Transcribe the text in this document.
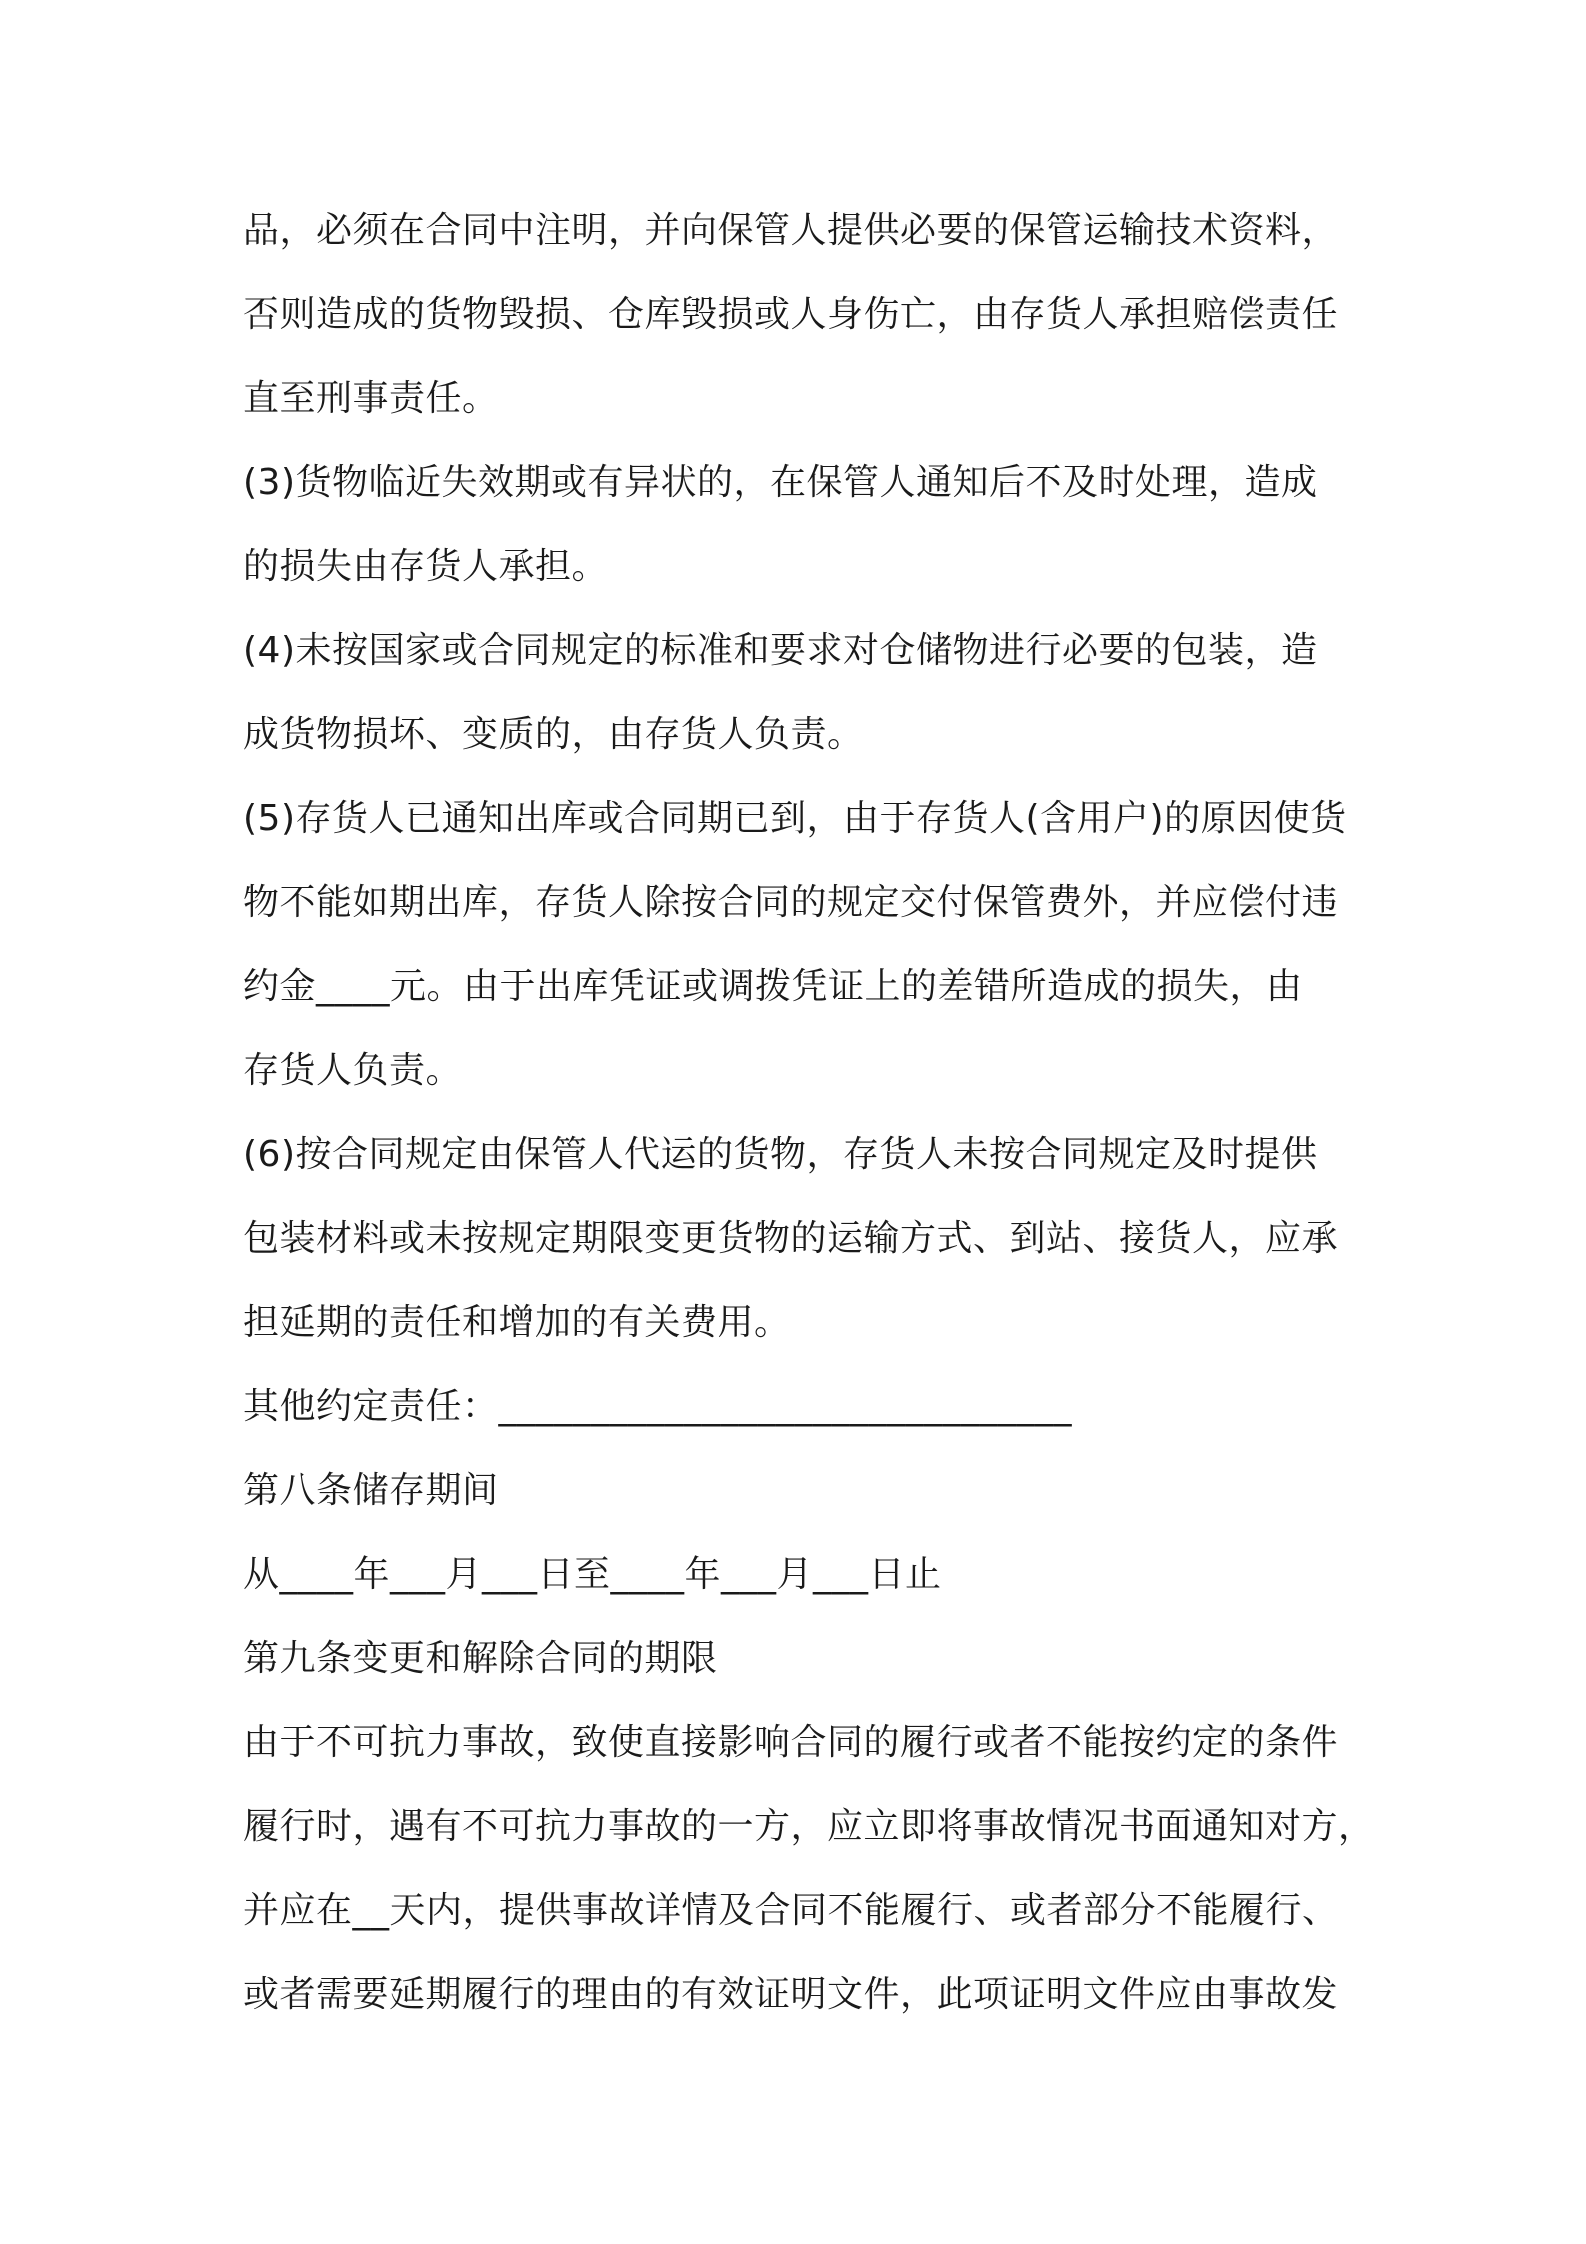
品，必须在合同中注明，并向保管人提供必要的保管运输技术资料，
否则造成的货物毁损、仓库毁损或人身伤亡，由存货人承担赔偿责任
直至刑事责任。
(3)货物临近失效期或有异状的，在保管人通知后不及时处理，造成
的损失由存货人承担。
(4)未按国家或合同规定的标准和要求对仓储物进行必要的包装，造
成货物损坏、变质的，由存货人负责。
(5)存货人已通知出库或合同期已到，由于存货人(含用户)的原因使货
物不能如期出库，存货人除按合同的规定交付保管费外，并应偿付违
约金____元。由于出库凭证或调拨凭证上的差错所造成的损失，由
存货人负责。
(6)按合同规定由保管人代运的货物，存货人未按合同规定及时提供
包装材料或未按规定期限变更货物的运输方式、到站、接货人，应承
担延期的责任和增加的有关费用。
其他约定责任：_______________________________
第八条储存期间
从____年___月___日至____年___月___日止
第九条变更和解除合同的期限
由于不可抗力事故，致使直接影响合同的履行或者不能按约定的条件
履行时，遇有不可抗力事故的一方，应立即将事故情况书面通知对方，
并应在__天内，提供事故详情及合同不能履行、或者部分不能履行、
或者需要延期履行的理由的有效证明文件，此项证明文件应由事故发
